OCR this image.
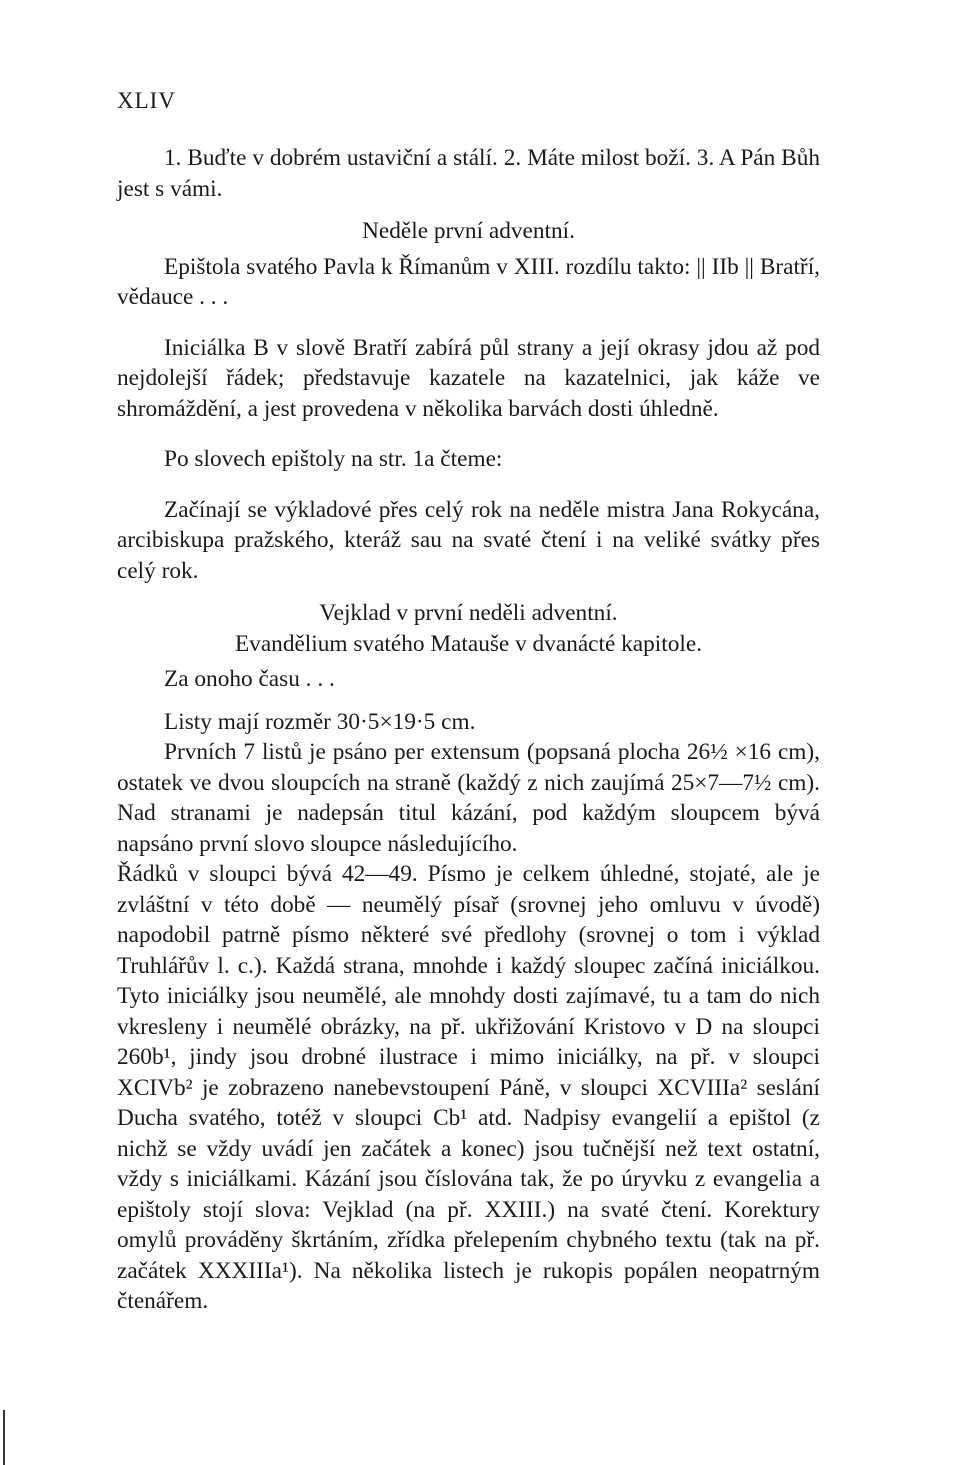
XLIV

1. Buďte v dobrém ustaviční a stálí. 2. Máte milost boží. 3. A Pán Bůh jest s vámi.

Neděle první adventní.

Epištola svatého Pavla k Římanům v XIII. rozdílu takto: || IIb || Bratří, vědauce . . .

Iniciálka B v slově Bratří zabírá půl strany a její okrasy jdou až pod nejdolejší řádek; představuje kazatele na kazatelnici, jak káže ve shromáždění, a jest provedena v několika barvách dosti úhledně.

Po slovech epištoly na str. 1a čteme:

Začínají se výkladové přes celý rok na neděle mistra Jana Rokycána, arcibiskupa pražského, kteráž sau na svaté čtení i na veliké svátky přes celý rok.

Vejklad v první neděli adventní.

Evandělium svatého Matauše v dvanácté kapitole.

Za onoho času . . .

Listy mají rozměr 30·5×19·5 cm.

Prvních 7 listů je psáno per extensum (popsaná plocha 26½ ×16 cm), ostatek ve dvou sloupcích na straně (každý z nich zaujímá 25×7—7½ cm). Nad stranami je nadepsán titul kázání, pod každým sloupcem bývá napsáno první slovo sloupce následujícího.

Řádků v sloupci bývá 42—49. Písmo je celkem úhledné, stojaté, ale je zvláštní v této době — neumělý písař (srovnej jeho omluvu v úvodě) napodobil patrně písmo některé své předlohy (srovnej o tom i výklad Truhlářův l. c.). Každá strana, mnohde i každý sloupec začíná iniciálkou. Tyto iniciálky jsou neumělé, ale mnohdy dosti zajímavé, tu a tam do nich vkresleny i neumělé obrázky, na př. ukřižování Kristovo v D na sloupci 260b¹, jindy jsou drobné ilustrace i mimo iniciálky, na př. v sloupci XCIVb² je zobrazeno nanebevstoupení Páně, v sloupci XCVIIIa² seslání Ducha svatého, totéž v sloupci Cb¹ atd. Nadpisy evangelií a epištol (z nichž se vždy uvádí jen začátek a konec) jsou tučnější než text ostatní, vždy s iniciálkami. Kázání jsou číslována tak, že po úryvku z evangelia a epištoly stojí slova: Vejklad (na př. XXIII.) na svaté čtení. Korektury omylů prováděny škrtáním, zřídka přelepením chybného textu (tak na př. začátek XXXIIIa¹). Na několika listech je rukopis popálen neopatrným čtenářem.
